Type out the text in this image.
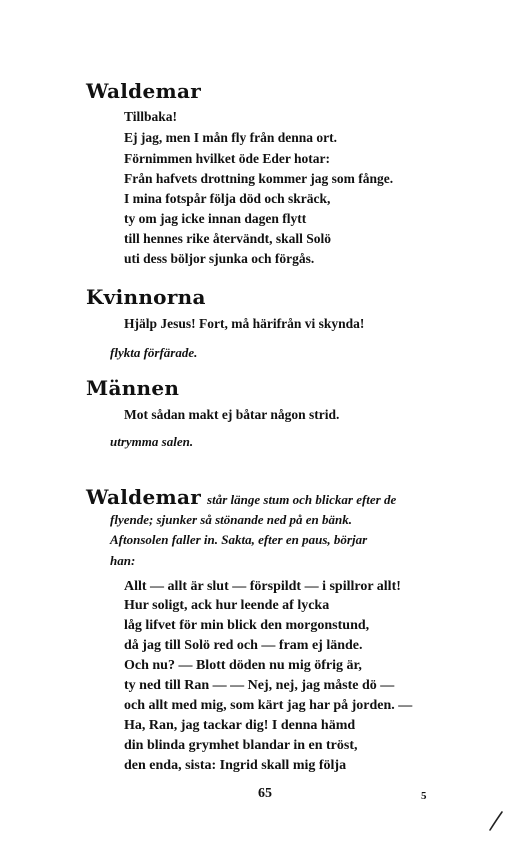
Waldemar
Tillbaka!
Ej jag, men I mån fly från denna ort.
Förnimmen hvilket öde Eder hotar:
Från hafvets drottning kommer jag som fånge.
I mina fotspår följa död och skräck,
ty om jag icke innan dagen flytt
till hennes rike återvändt, skall Solö
uti dess böljor sjunka och förgås.
Kvinnorna
Hjälp Jesus! Fort, må härifrån vi skynda!
flykta förfärade.
Männen
Mot sådan makt ej båtar någon strid.
utrymma salen.
Waldemar står länge stum och blickar efter de
flyende; sjunker så stönande ned på en bänk.
Aftonsolen faller in. Sakta, efter en paus, börjar
han:
Allt — allt är slut — förspildt — i spillror allt!
Hur soligt, ack hur leende af lycka
låg lifvet för min blick den morgonstund,
då jag till Solö red och — fram ej lände.
Och nu? — Blott döden nu mig öfrig är,
ty ned till Ran — — Nej, nej, jag måste dö —
och allt med mig, som kärt jag har på jorden. —
Ha, Ran, jag tackar dig! I denna hämd
din blinda grymhet blandar in en tröst,
den enda, sista: Ingrid skall mig följa
65	5
